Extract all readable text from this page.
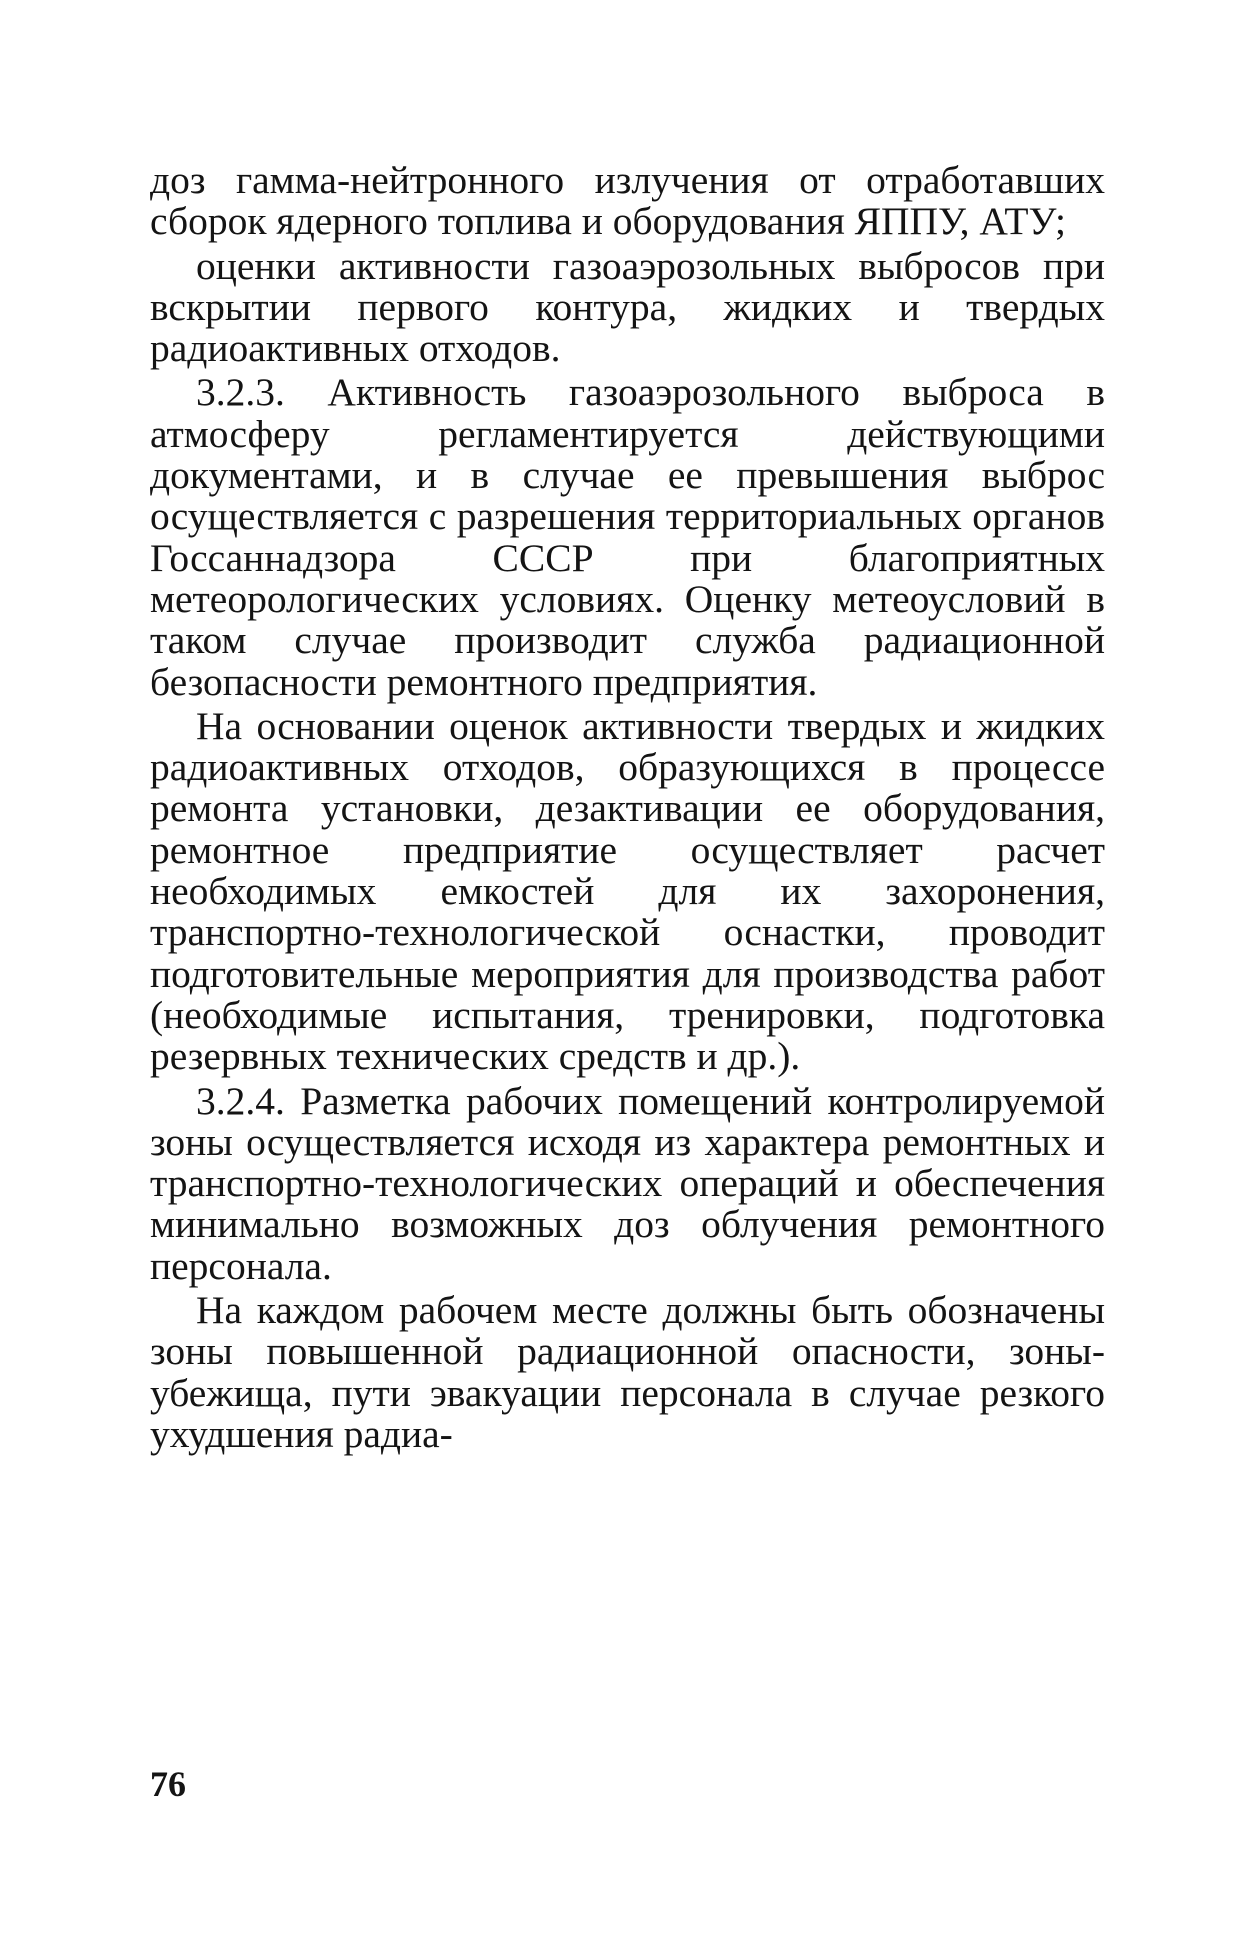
доз гамма-нейтронного излучения от отработавших сборок ядерного топлива и оборудования ЯППУ, АТУ;

оценки активности газоаэрозольных выбросов при вскрытии первого контура, жидких и твердых радиоактивных отходов.

3.2.3. Активность газоаэрозольного выброса в атмосферу регламентируется действующими документами, и в случае ее превышения выброс осуществляется с разрешения территориальных органов Госсаннадзора СССР при благоприятных метеорологических условиях. Оценку метеоусловий в таком случае производит служба радиационной безопасности ремонтного предприятия.

На основании оценок активности твердых и жидких радиоактивных отходов, образующихся в процессе ремонта установки, дезактивации ее оборудования, ремонтное предприятие осуществляет расчет необходимых емкостей для их захоронения, транспортно-технологической оснастки, проводит подготовительные мероприятия для производства работ (необходимые испытания, тренировки, подготовка резервных технических средств и др.).

3.2.4. Разметка рабочих помещений контролируемой зоны осуществляется исходя из характера ремонтных и транспортно-технологических операций и обеспечения минимально возможных доз облучения ремонтного персонала.

На каждом рабочем месте должны быть обозначены зоны повышенной радиационной опасности, зоны-убежища, пути эвакуации персонала в случае резкого ухудшения радиа-

76
